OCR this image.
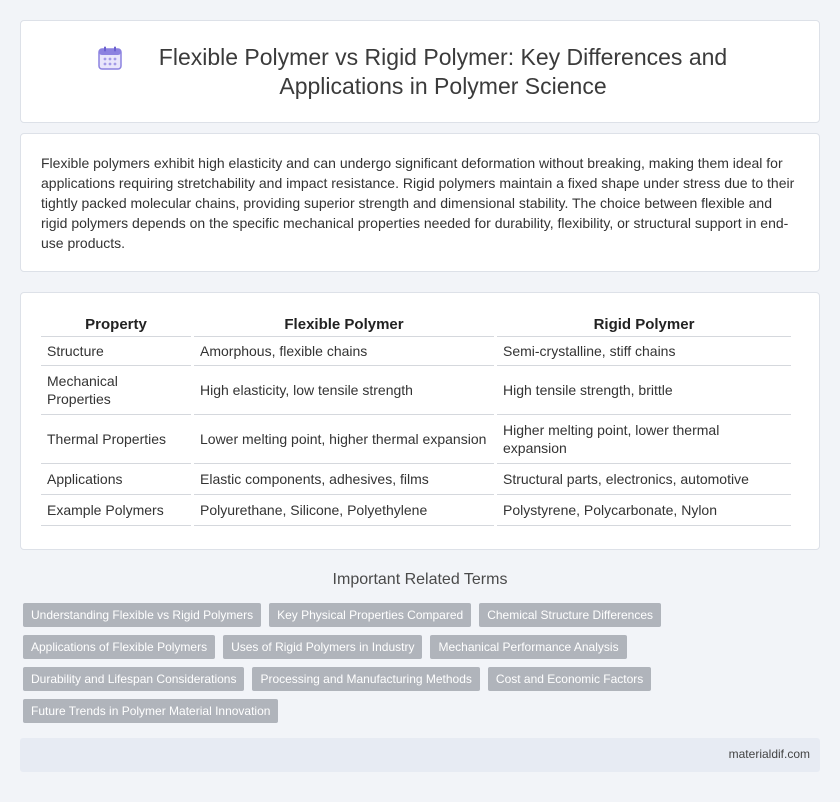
Flexible Polymer vs Rigid Polymer: Key Differences and Applications in Polymer Science

Flexible polymers exhibit high elasticity and can undergo significant deformation without breaking, making them ideal for applications requiring stretchability and impact resistance. Rigid polymers maintain a fixed shape under stress due to their tightly packed molecular chains, providing superior strength and dimensional stability. The choice between flexible and rigid polymers depends on the specific mechanical properties needed for durability, flexibility, or structural support in end-use products.

Property	Flexible Polymer	Rigid Polymer
Structure	Amorphous, flexible chains	Semi-crystalline, stiff chains
Mechanical Properties	High elasticity, low tensile strength	High tensile strength, brittle
Thermal Properties	Lower melting point, higher thermal expansion	Higher melting point, lower thermal expansion
Applications	Elastic components, adhesives, films	Structural parts, electronics, automotive
Example Polymers	Polyurethane, Silicone, Polyethylene	Polystyrene, Polycarbonate, Nylon
Important Related Terms
Understanding Flexible vs Rigid Polymers	Key Physical Properties Compared	Chemical Structure Differences
Applications of Flexible Polymers	Uses of Rigid Polymers in Industry	Mechanical Performance Analysis
Durability and Lifespan Considerations	Processing and Manufacturing Methods	Cost and Economic Factors
Future Trends in Polymer Material Innovation
materialdif.com
